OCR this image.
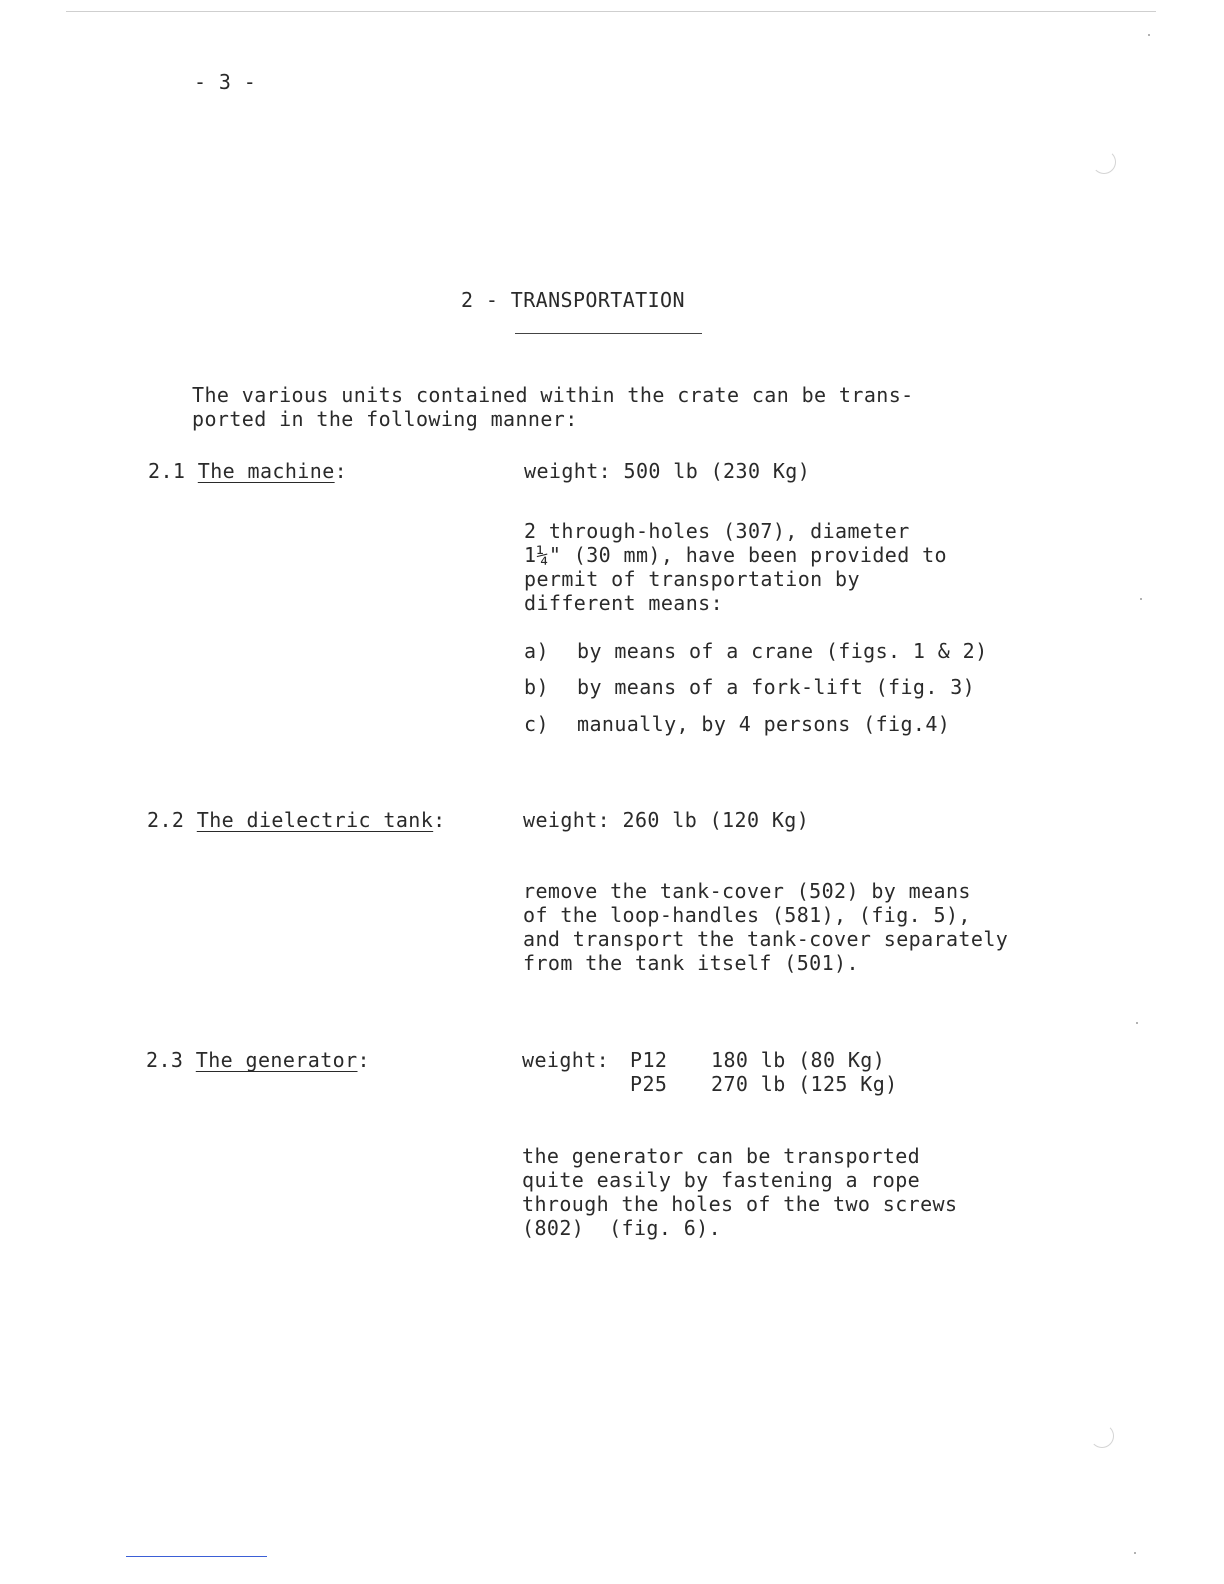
- 3 -
2 - TRANSPORTATION
The various units contained within the crate can be trans-
ported in the following manner:
2.1 The machine:	weight: 500 lb (230 Kg)
2 through-holes (307), diameter
1¼" (30 mm), have been provided to
permit of transportation by
different means:
a) by means of a crane (figs. 1 & 2)
b) by means of a fork-lift (fig. 3)
c) manually, by 4 persons (fig.4)
2.2 The dielectric tank:	weight: 260 lb (120 Kg)
remove the tank-cover (502) by means
of the loop-handles (581), (fig. 5),
and transport the tank-cover separately
from the tank itself (501).
2.3 The generator:	weight: P12 180 lb (80 Kg)
P25 270 lb (125 Kg)
the generator can be transported
quite easily by fastening a rope
through the holes of the two screws
(802)  (fig. 6).
